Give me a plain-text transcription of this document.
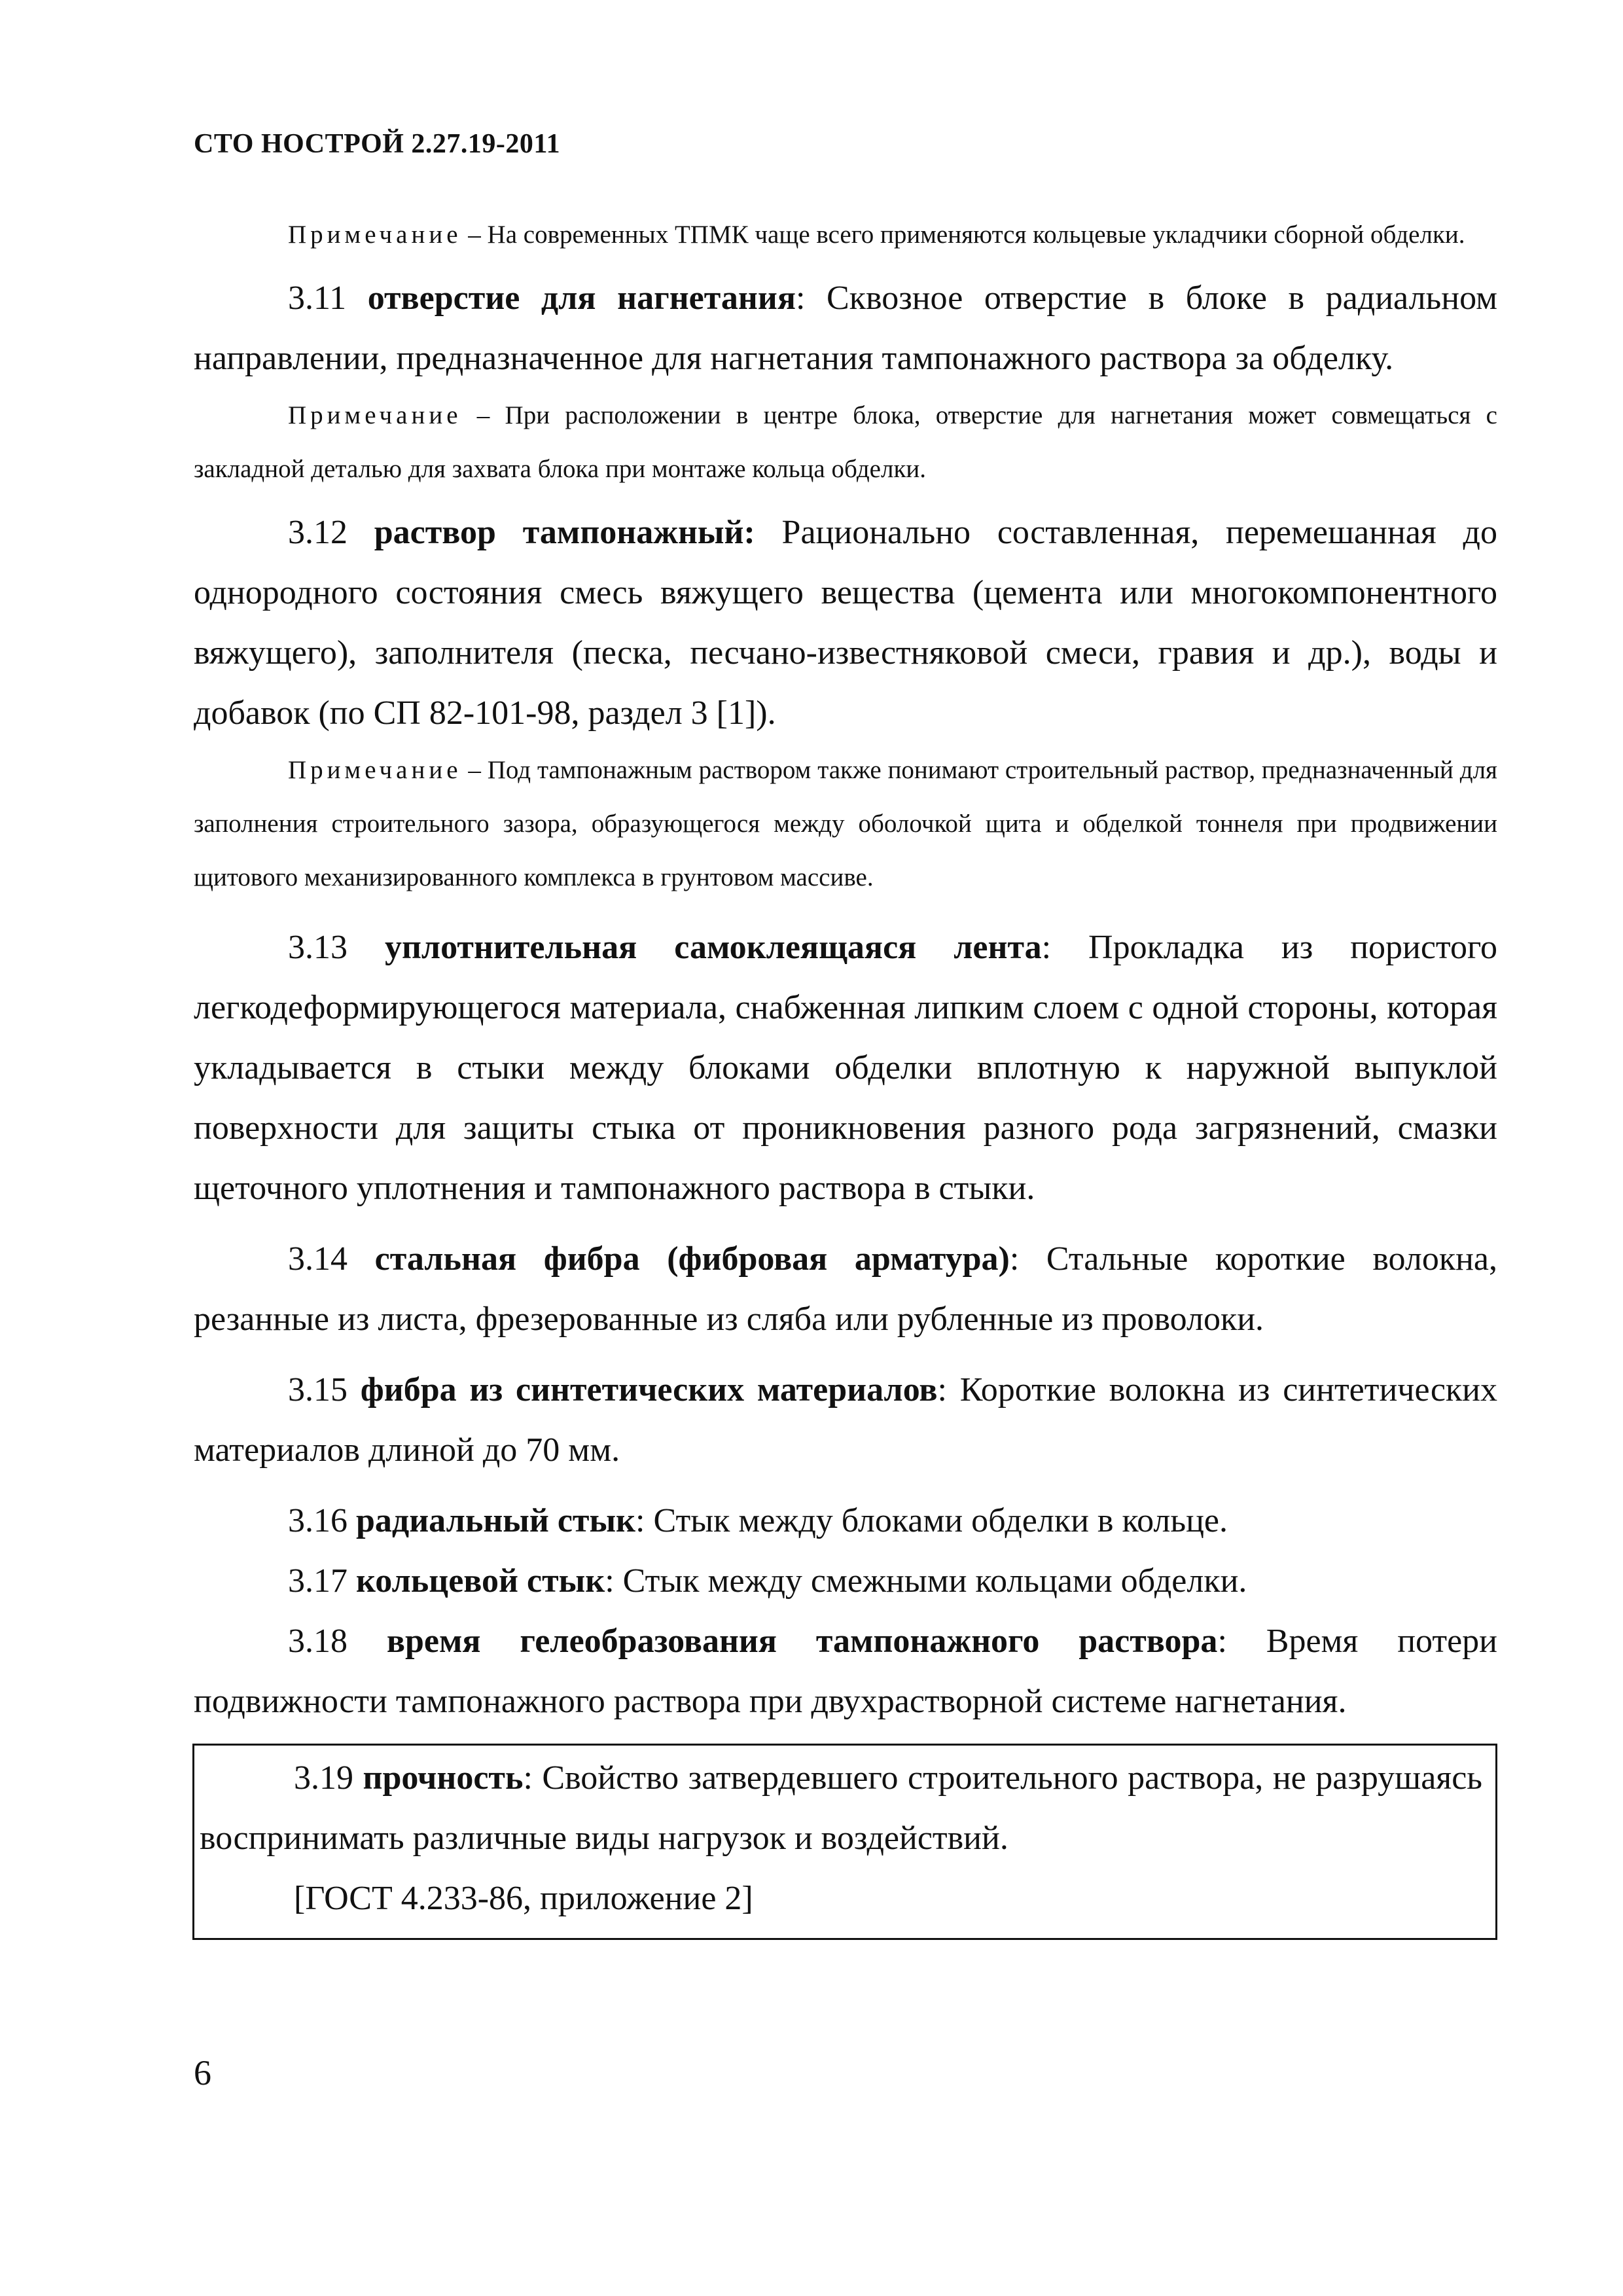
СТО НОСТРОЙ 2.27.19-2011

Примечание – На современных ТПМК чаще всего применяются кольцевые укладчики сборной обделки.

3.11 отверстие для нагнетания: Сквозное отверстие в блоке в радиальном направлении, предназначенное для нагнетания тампонажного раствора за обделку.

Примечание – При расположении в центре блока, отверстие для нагнетания может совмещаться с закладной деталью для захвата блока при монтаже кольца обделки.

3.12 раствор тампонажный: Рационально составленная, перемешанная до однородного состояния смесь вяжущего вещества (цемента или многокомпонентного вяжущего), заполнителя (песка, песчано-известняковой смеси, гравия и др.), воды и добавок (по СП 82-101-98, раздел 3 [1]).

Примечание – Под тампонажным раствором также понимают строительный раствор, предназначенный для заполнения строительного зазора, образующегося между оболочкой щита и обделкой тоннеля при продвижении щитового механизированного комплекса в грунтовом массиве.

3.13 уплотнительная самоклеящаяся лента: Прокладка из пористого легкодеформирующегося материала, снабженная липким слоем с одной стороны, которая укладывается в стыки между блоками обделки вплотную к наружной выпуклой поверхности для защиты стыка от проникновения разного рода загрязнений, смазки щеточного уплотнения и тампонажного раствора в стыки.

3.14 стальная фибра (фибровая арматура): Стальные короткие волокна, резанные из листа, фрезерованные из сляба или рубленные из проволоки.

3.15 фибра из синтетических материалов: Короткие волокна из синтетических материалов длиной до 70 мм.

3.16 радиальный стык: Стык между блоками обделки в кольце.

3.17 кольцевой стык: Стык между смежными кольцами обделки.

3.18 время гелеобразования тампонажного раствора: Время потери подвижности тампонажного раствора при двухрастворной системе нагнетания.

3.19 прочность: Свойство затвердевшего строительного раствора, не разрушаясь воспринимать различные виды нагрузок и воздействий.

[ГОСТ 4.233-86, приложение 2]

6
